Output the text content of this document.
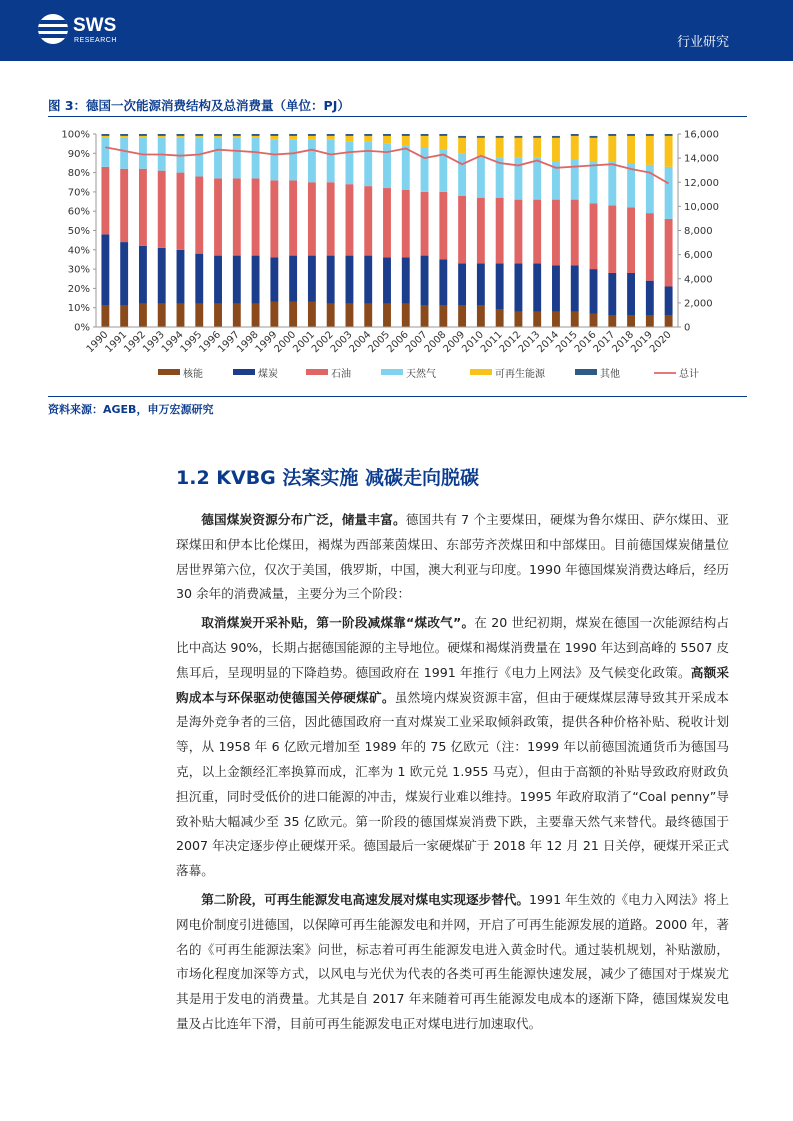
SWS
RESEARCH	行业研究
图 3：德国一次能源消费结构及总消费量（单位：PJ）
0%
10%
20%
30%
40%
50%
60%
70%
80%
90%
100%
0
2,000
4,000
6,000
8,000
10,000
12,000
14,000
16,000
1990
1991
1992
1993
1994
1995
1996
1997
1998
1999
2000
2001
2002
2003
2004
2005
2006
2007
2008
2009
2010
2011
2012
2013
2014
2015
2016
2017
2018
2019
2020
核能	煤炭	石油	天然气	可再生能源	其他	总计
资料来源：AGEB，申万宏源研究
1.2 KVBG 法案实施 减碳走向脱碳

德国煤炭资源分布广泛，储量丰富。德国共有 7 个主要煤田，硬煤为鲁尔煤田、萨尔煤田、亚琛煤田和伊本比伦煤田，褐煤为西部莱茵煤田、东部劳齐茨煤田和中部煤田。目前德国煤炭储量位居世界第六位，仅次于美国，俄罗斯，中国，澳大利亚与印度。1990 年德国煤炭消费达峰后，经历 30 余年的消费减量，主要分为三个阶段：

取消煤炭开采补贴，第一阶段减煤靠“煤改气”。在 20 世纪初期，煤炭在德国一次能源结构占比中高达 90%，长期占据德国能源的主导地位。硬煤和褐煤消费量在 1990 年达到高峰的 5507 皮焦耳后，呈现明显的下降趋势。德国政府在 1991 年推行《电力上网法》及气候变化政策。高额采购成本与环保驱动使德国关停硬煤矿。虽然境内煤炭资源丰富，但由于硬煤煤层薄导致其开采成本是海外竞争者的三倍，因此德国政府一直对煤炭工业采取倾斜政策，提供各种价格补贴、税收计划等，从 1958 年 6 亿欧元增加至 1989 年的 75 亿欧元（注：1999 年以前德国流通货币为德国马克，以上金额经汇率换算而成，汇率为 1 欧元兑 1.955 马克），但由于高额的补贴导致政府财政负担沉重，同时受低价的进口能源的冲击，煤炭行业难以维持。1995 年政府取消了“Coal penny”导致补贴大幅减少至 35 亿欧元。第一阶段的德国煤炭消费下跌，主要靠天然气来替代。最终德国于 2007 年决定逐步停止硬煤开采。德国最后一家硬煤矿于 2018 年 12 月 21 日关停，硬煤开采正式落幕。

第二阶段，可再生能源发电高速发展对煤电实现逐步替代。1991 年生效的《电力入网法》将上网电价制度引进德国，以保障可再生能源发电和并网，开启了可再生能源发展的道路。2000 年，著名的《可再生能源法案》问世，标志着可再生能源发电进入黄金时代。通过装机规划，补贴激励，市场化程度加深等方式，以风电与光伏为代表的各类可再生能源快速发展，减少了德国对于煤炭尤其是用于发电的消费量。尤其是自 2017 年来随着可再生能源发电成本的逐渐下降，德国煤炭发电量及占比连年下滑，目前可再生能源发电正对煤电进行加速取代。
